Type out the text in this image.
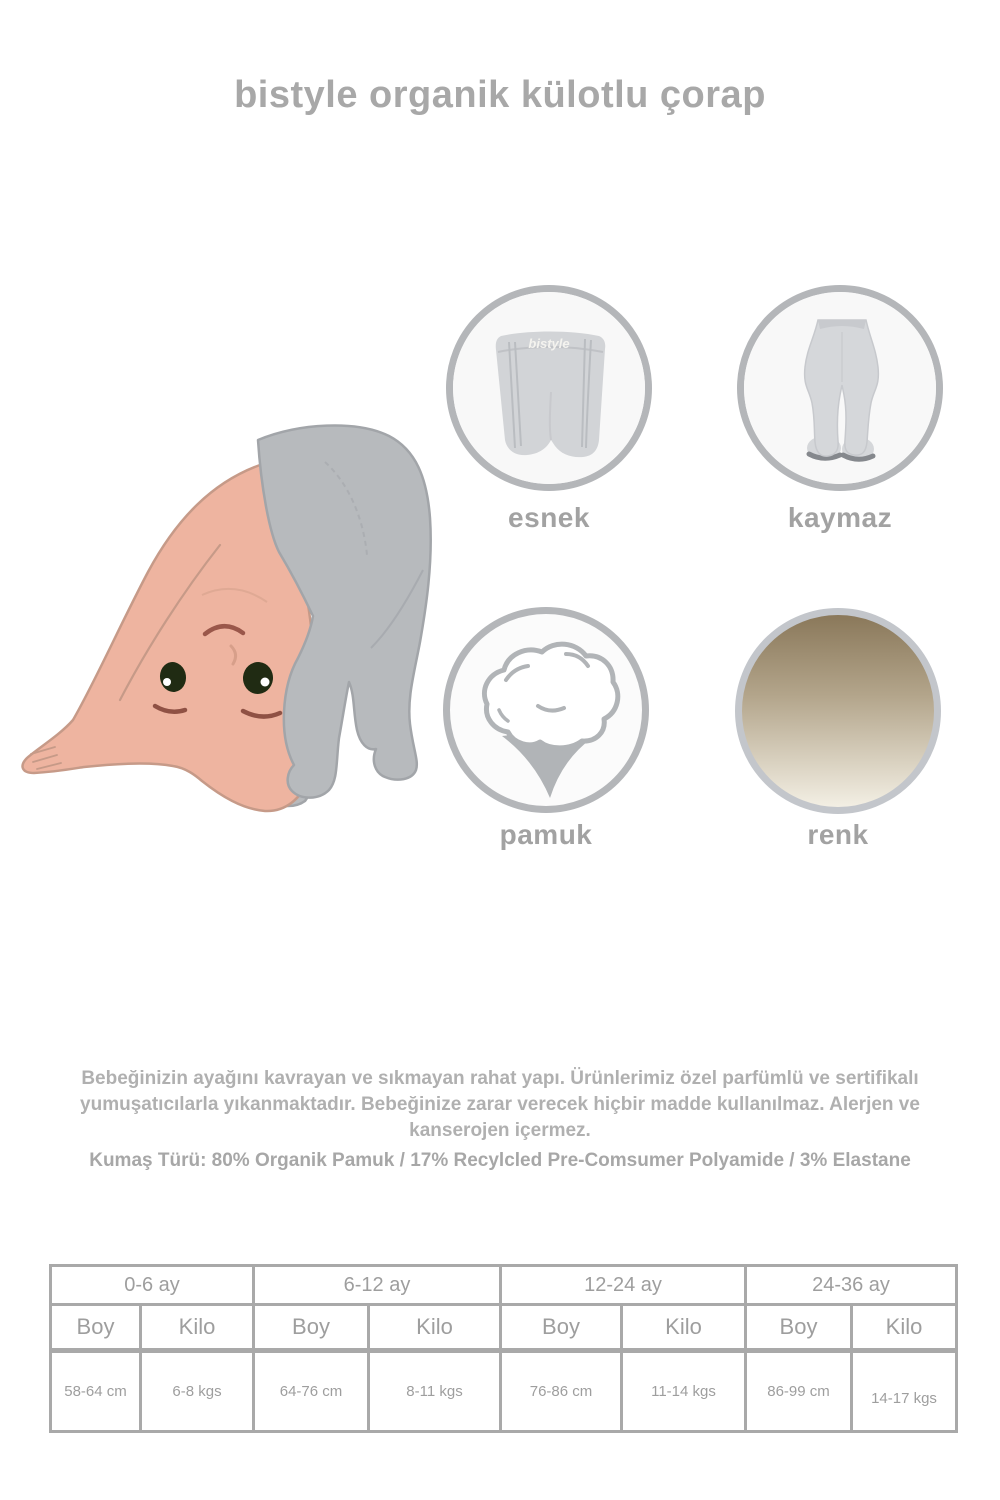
bistyle organik külotlu çorap
bistyle
esnek	kaymaz
pamuk	renk
Bebeğinizin ayağını kavrayan ve sıkmayan rahat yapı. Ürünlerimiz özel parfümlü ve sertifikalı yumuşatıcılarla yıkanmaktadır. Bebeğinize zarar verecek hiçbir madde kullanılmaz. Alerjen ve kanserojen içermez.
Kumaş Türü: 80% Organik Pamuk / 17% Recylcled Pre-Comsumer Polyamide / 3% Elastane
0-6 ay		6-12 ay		12-24 ay		24-36 ay	
Boy	Kilo	Boy	Kilo	Boy	Kilo	Boy	Kilo
58-64 cm	6-8 kgs	64-76 cm	8-11 kgs	76-86 cm	11-14 kgs	86-99 cm	14-17 kgs
